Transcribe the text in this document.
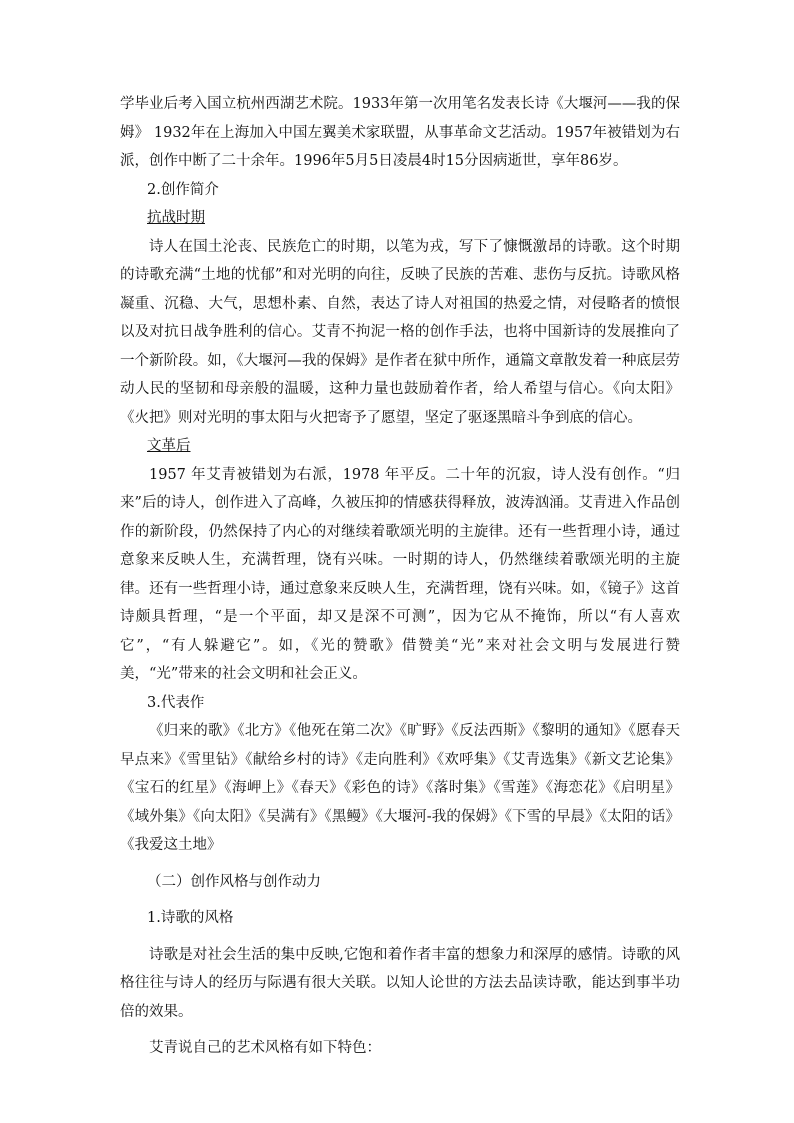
学毕业后考入国立杭州西湖艺术院。1933年第一次用笔名发表长诗《大堰河——我的保姆》 1932年在上海加入中国左翼美术家联盟，从事革命文艺活动。1957年被错划为右派，创作中断了二十余年。1996年5月5日凌晨4时15分因病逝世，享年86岁。

2.创作简介

抗战时期

诗人在国土沦丧、民族危亡的时期，以笔为戎，写下了慷慨激昂的诗歌。这个时期的诗歌充满“土地的忧郁”和对光明的向往，反映了民族的苦难、悲伤与反抗。诗歌风格凝重、沉稳、大气，思想朴素、自然，表达了诗人对祖国的热爱之情，对侵略者的愤恨以及对抗日战争胜利的信心。艾青不拘泥一格的创作手法，也将中国新诗的发展推向了一个新阶段。如，《大堰河—我的保姆》是作者在狱中所作，通篇文章散发着一种底层劳动人民的坚韧和母亲般的温暖，这种力量也鼓励着作者，给人希望与信心。《向太阳》《火把》则对光明的事太阳与火把寄予了愿望，坚定了驱逐黑暗斗争到底的信心。

文革后

1957 年艾青被错划为右派，1978 年平反。二十年的沉寂，诗人没有创作。“归来”后的诗人，创作进入了高峰，久被压抑的情感获得释放，波涛汹涌。艾青进入作品创作的新阶段，仍然保持了内心的对继续着歌颂光明的主旋律。还有一些哲理小诗，通过意象来反映人生，充满哲理，饶有兴味。一时期的诗人，仍然继续着歌颂光明的主旋律。还有一些哲理小诗，通过意象来反映人生，充满哲理，饶有兴味。如，《镜子》这首诗颇具哲理，“是一个平面，却又是深不可测”，因为它从不掩饰，所以“有人喜欢它”，“有人躲避它”。如，《光的赞歌》借赞美“光”来对社会文明与发展进行赞美，“光”带来的社会文明和社会正义。

3.代表作

《归来的歌》《北方》《他死在第二次》《旷野》《反法西斯》《黎明的通知》《愿春天早点来》《雪里钻》《献给乡村的诗》《走向胜利》《欢呼集》《艾青选集》《新文艺论集》《宝石的红星》《海岬上》《春天》《彩色的诗》《落时集》《雪莲》《海恋花》《启明星》《域外集》《向太阳》《吴满有》《黑鳗》《大堰河-我的保姆》《下雪的早晨》《太阳的话》《我爱这土地》

（二）创作风格与创作动力

1.诗歌的风格

诗歌是对社会生活的集中反映,它饱和着作者丰富的想象力和深厚的感情。诗歌的风格往往与诗人的经历与际遇有很大关联。以知人论世的方法去品读诗歌，能达到事半功倍的效果。

艾青说自己的艺术风格有如下特色：
